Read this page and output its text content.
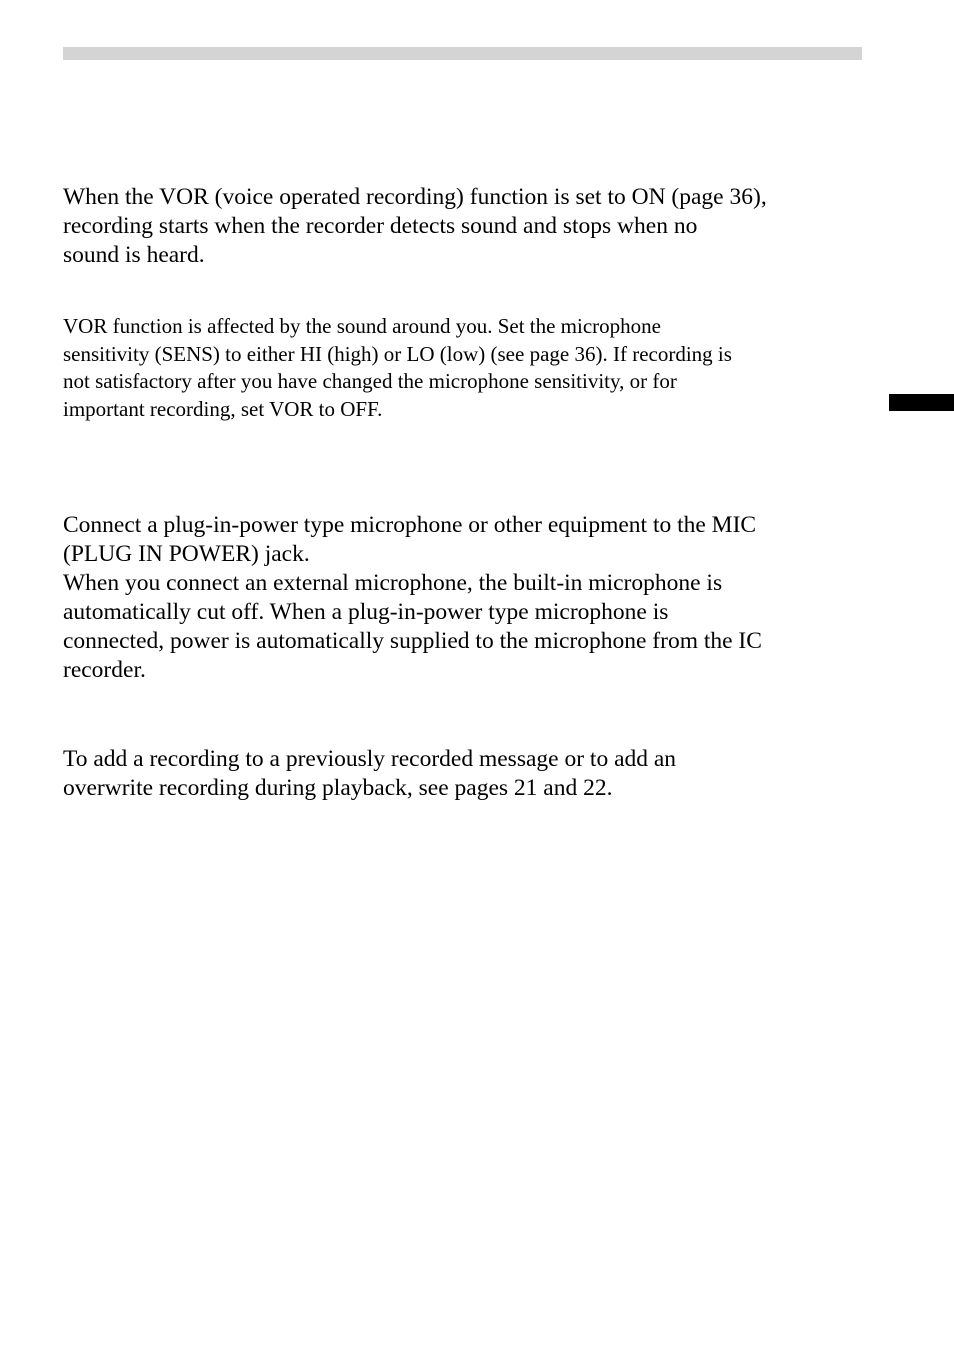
When the VOR (voice operated recording) function is set to ON (page 36),
recording starts when the recorder detects sound and stops when no
sound is heard.

VOR function is affected by the sound around you. Set the microphone
sensitivity (SENS) to either HI (high) or LO (low) (see page 36). If recording is
not satisfactory after you have changed the microphone sensitivity, or for
important recording, set VOR to OFF.

Connect a plug-in-power type microphone or other equipment to the MIC
(PLUG IN POWER) jack.
When you connect an external microphone, the built-in microphone is
automatically cut off. When a plug-in-power type microphone is
connected, power is automatically supplied to the microphone from the IC
recorder.

To add a recording to a previously recorded message or to add an
overwrite recording during playback, see pages 21 and 22.
